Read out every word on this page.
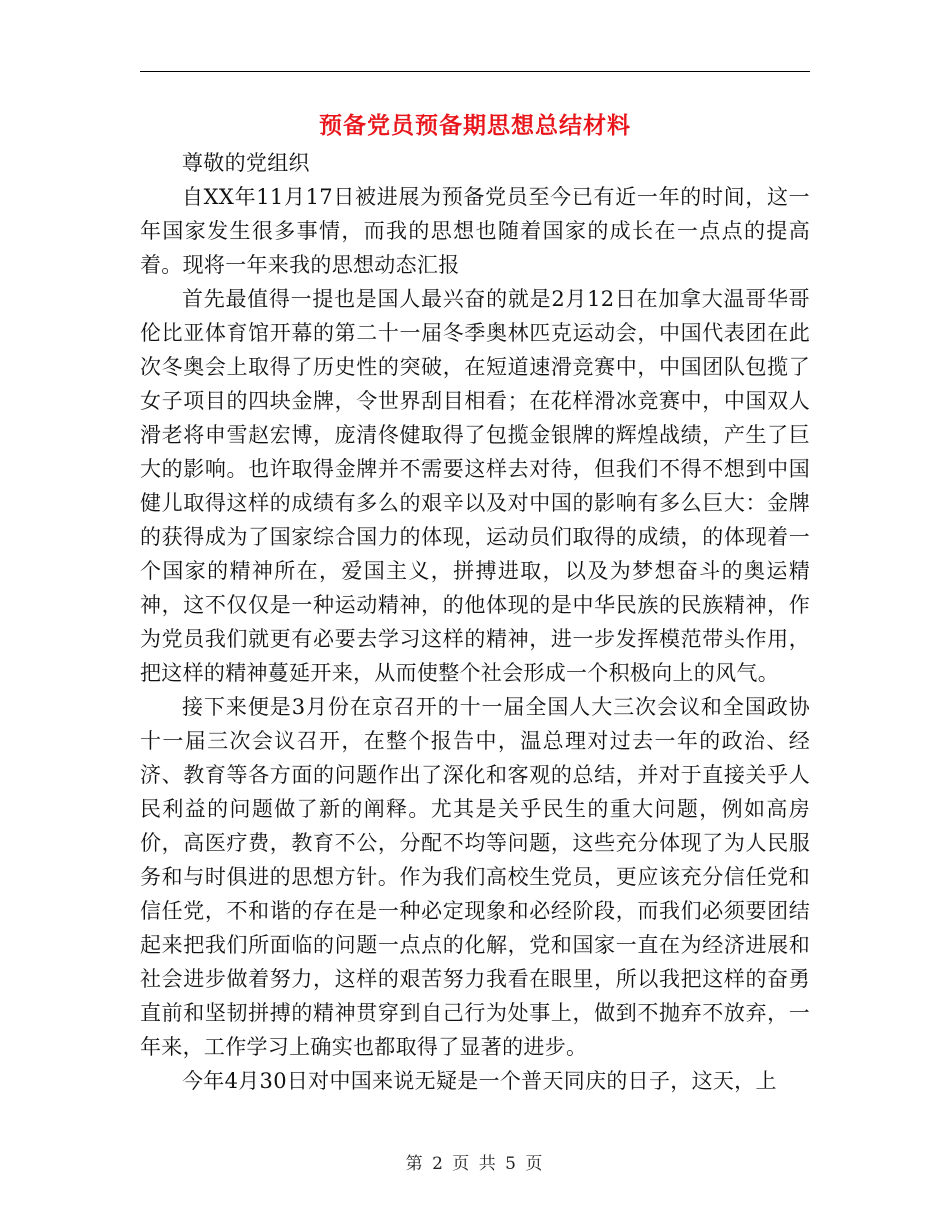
预备党员预备期思想总结材料

尊敬的党组织

自XX年11月17日被进展为预备党员至今已有近一年的时间，这一年国家发生很多事情，而我的思想也随着国家的成长在一点点的提高着。现将一年来我的思想动态汇报

首先最值得一提也是国人最兴奋的就是2月12日在加拿大温哥华哥伦比亚体育馆开幕的第二十一届冬季奥林匹克运动会，中国代表团在此次冬奥会上取得了历史性的突破，在短道速滑竞赛中，中国团队包揽了女子项目的四块金牌，令世界刮目相看；在花样滑冰竞赛中，中国双人滑老将申雪赵宏博，庞清佟健取得了包揽金银牌的辉煌战绩，产生了巨大的影响。也许取得金牌并不需要这样去对待，但我们不得不想到中国健儿取得这样的成绩有多么的艰辛以及对中国的影响有多么巨大：金牌的获得成为了国家综合国力的体现，运动员们取得的成绩，的体现着一个国家的精神所在，爱国主义，拼搏进取，以及为梦想奋斗的奥运精神，这不仅仅是一种运动精神，的他体现的是中华民族的民族精神，作为党员我们就更有必要去学习这样的精神，进一步发挥模范带头作用，把这样的精神蔓延开来，从而使整个社会形成一个积极向上的风气。

接下来便是3月份在京召开的十一届全国人大三次会议和全国政协十一届三次会议召开，在整个报告中，温总理对过去一年的政治、经济、教育等各方面的问题作出了深化和客观的总结，并对于直接关乎人民利益的问题做了新的阐释。尤其是关乎民生的重大问题，例如高房价，高医疗费，教育不公，分配不均等问题，这些充分体现了为人民服务和与时俱进的思想方针。作为我们高校生党员，更应该充分信任党和信任党，不和谐的存在是一种必定现象和必经阶段，而我们必须要团结起来把我们所面临的问题一点点的化解，党和国家一直在为经济进展和社会进步做着努力，这样的艰苦努力我看在眼里，所以我把这样的奋勇直前和坚韧拼搏的精神贯穿到自己行为处事上，做到不抛弃不放弃，一年来，工作学习上确实也都取得了显著的进步。

今年4月30日对中国来说无疑是一个普天同庆的日子，这天，上

第 2 页 共 5 页
